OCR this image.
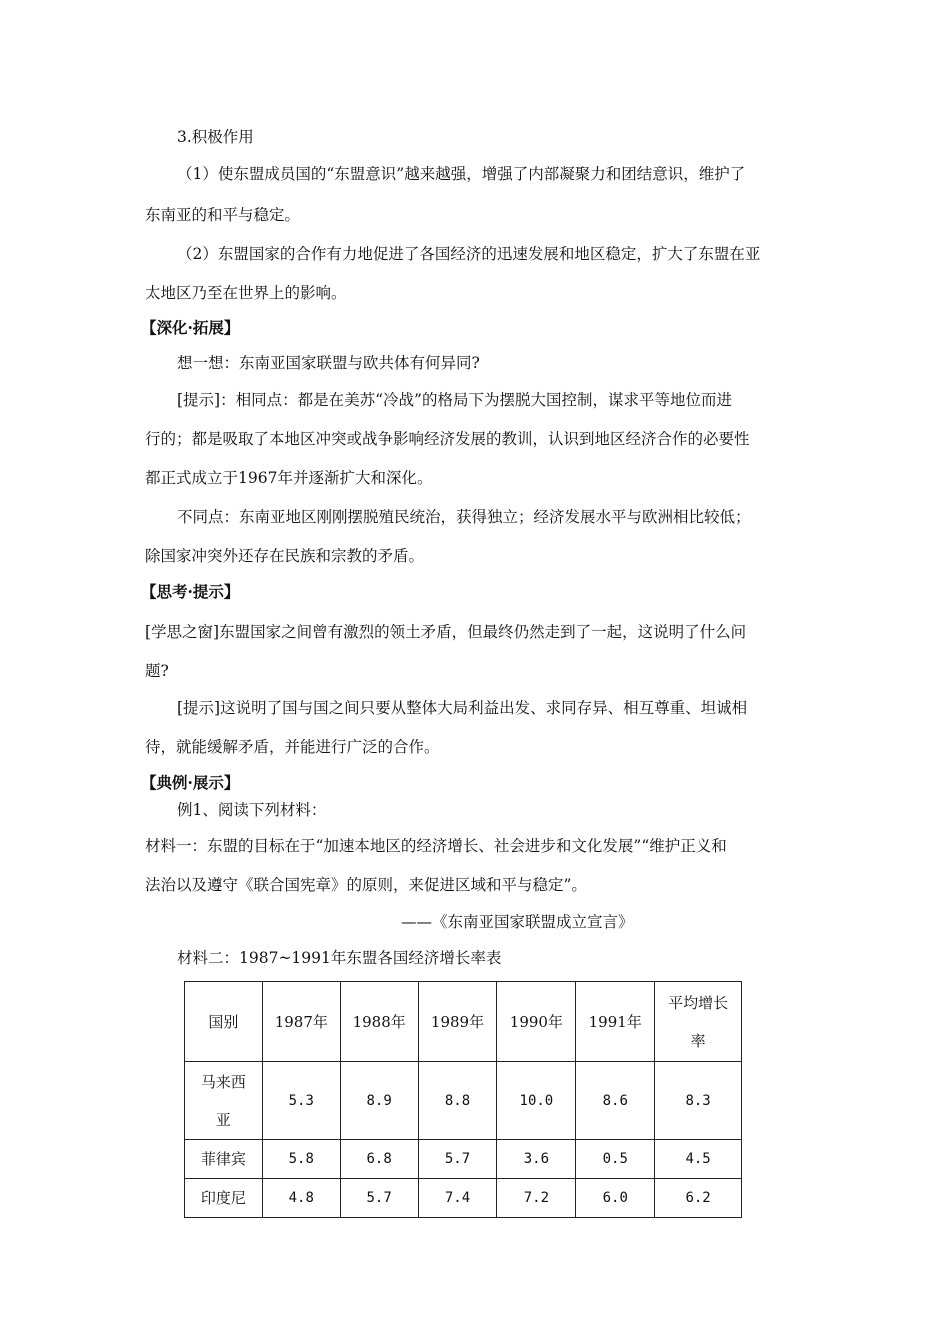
3.积极作用
（1）使东盟成员国的“东盟意识”越来越强，增强了内部凝聚力和团结意识，维护了
东南亚的和平与稳定。
（2）东盟国家的合作有力地促进了各国经济的迅速发展和地区稳定，扩大了东盟在亚
太地区乃至在世界上的影响。
【深化·拓展】
想一想：东南亚国家联盟与欧共体有何异同?
[提示]：相同点：都是在美苏“冷战”的格局下为摆脱大国控制，谋求平等地位而进
行的；都是吸取了本地区冲突或战争影响经济发展的教训，认识到地区经济合作的必要性
都正式成立于1967年并逐渐扩大和深化。
不同点：东南亚地区刚刚摆脱殖民统治，获得独立；经济发展水平与欧洲相比较低；
除国家冲突外还存在民族和宗教的矛盾。
【思考·提示】
[学思之窗]东盟国家之间曾有激烈的领土矛盾，但最终仍然走到了一起，这说明了什么问
题?
[提示]这说明了国与国之间只要从整体大局利益出发、求同存异、相互尊重、坦诚相
待，就能缓解矛盾，并能进行广泛的合作。
【典例·展示】
例1、阅读下列材料：
材料一：东盟的目标在于“加速本地区的经济增长、社会进步和文化发展”“维护正义和
法治以及遵守《联合国宪章》的原则，来促进区域和平与稳定”。
——《东南亚国家联盟成立宣言》
材料二：1987~1991年东盟各国经济增长率表
国别	1987年	1988年	1989年	1990年	1991年	平均增长率
马来西亚	5.3	8.9	8.8	10.0	8.6	8.3
菲律宾	5.8	6.8	5.7	3.6	0.5	4.5
印度尼	4.8	5.7	7.4	7.2	6.0	6.2
